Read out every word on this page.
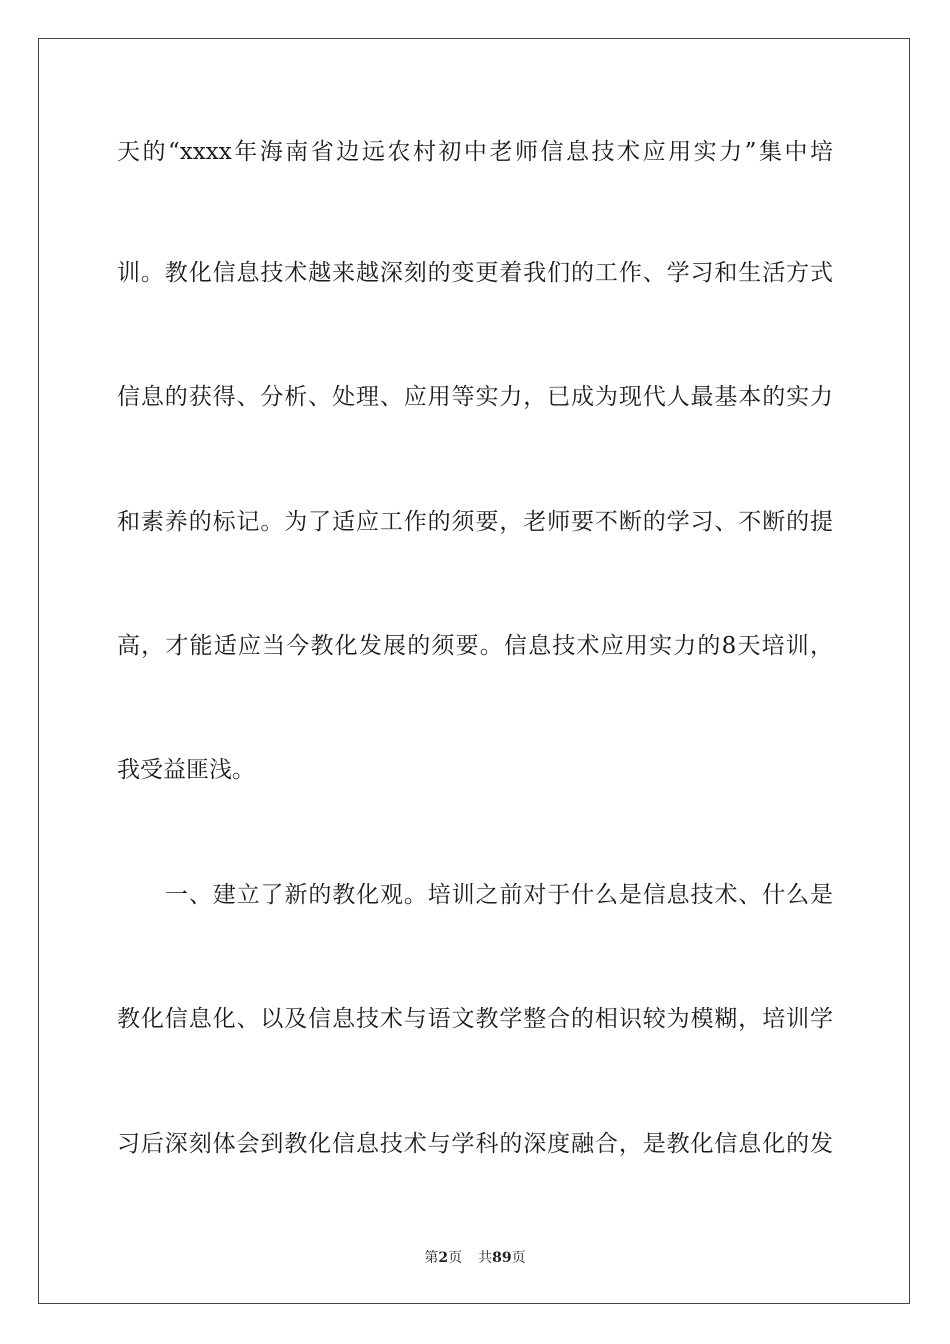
天的“xxxx年海南省边远农村初中老师信息技术应用实力”集中培
训。教化信息技术越来越深刻的变更着我们的工作、学习和生活方式
信息的获得、分析、处理、应用等实力，已成为现代人最基本的实力
和素养的标记。为了适应工作的须要，老师要不断的学习、不断的提
高，才能适应当今教化发展的须要。信息技术应用实力的8天培训，
我受益匪浅。
一、建立了新的教化观。培训之前对于什么是信息技术、什么是
教化信息化、以及信息技术与语文教学整合的相识较为模糊，培训学
习后深刻体会到教化信息技术与学科的深度融合，是教化信息化的发
第2页 共89页
